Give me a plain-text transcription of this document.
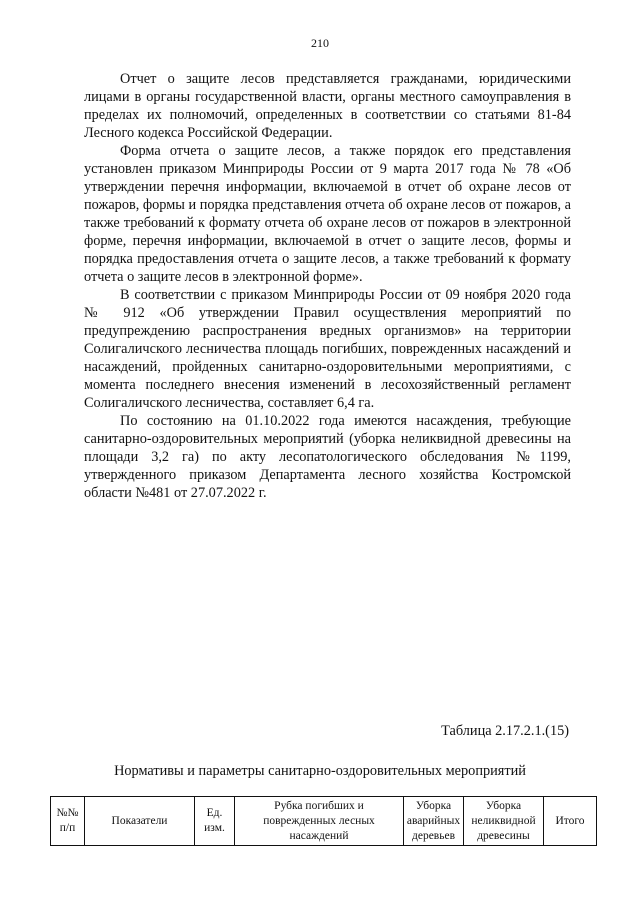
210

Отчет о защите лесов представляется гражданами, юридическими лицами в органы государственной власти, органы местного самоуправления в пределах их полномочий, определенных в соответствии со статьями 81-84 Лесного кодекса Российской Федерации.

Форма отчета о защите лесов, а также порядок его представления установлен приказом Минприроды России от 9 марта 2017 года № 78 «Об утверждении перечня информации, включаемой в отчет об охране лесов от пожаров, формы и порядка представления отчета об охране лесов от пожаров, а также требований к формату отчета об охране лесов от пожаров в электронной форме, перечня информации, включаемой в отчет о защите лесов, формы и порядка предоставления отчета о защите лесов, а также требований к формату отчета о защите лесов в электронной форме».

В соответствии с приказом Минприроды России от 09 ноября 2020 года № 912 «Об утверждении Правил осуществления мероприятий по предупреждению распространения вредных организмов» на территории Солигаличского лесничества площадь погибших, поврежденных насаждений и насаждений, пройденных санитарно-оздоровительными мероприятиями, с момента последнего внесения изменений в лесохозяйственный регламент Солигаличского лесничества, составляет 6,4 га.

По состоянию на 01.10.2022 года имеются насаждения, требующие санитарно-оздоровительных мероприятий (уборка неликвидной древесины на площади 3,2 га) по акту лесопатологического обследования №1199, утвержденного приказом Департамента лесного хозяйства Костромской области №481 от 27.07.2022 г.

Таблица 2.17.2.1.(15)
Нормативы и параметры санитарно-оздоровительных мероприятий
№№ п/п	Показатели	Ед. изм.	Рубка погибших и поврежденных лесных насаждений	Уборка аварийных деревьев	Уборка неликвидной древесины	Итого
